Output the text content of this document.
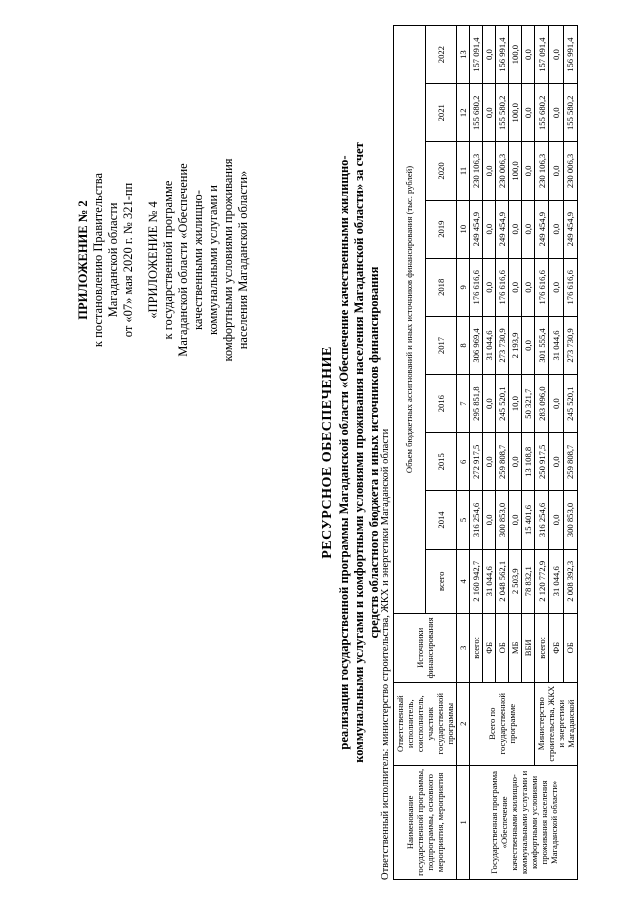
ПРИЛОЖЕНИЕ № 2 к постановлению Правительства Магаданской области от «07» мая 2020 г. № 321-пп «ПРИЛОЖЕНИЕ № 4 к государственной программе Магаданской области «Обеспечение качественными жилищно- коммунальными услугами и комфортными условиями проживания населения Магаданской области»
РЕСУРСНОЕ ОБЕСПЕЧЕНИЕ реализации государственной программы Магаданской области «Обеспечение качественными жилищно- коммунальными услугами и комфортными условиями проживания населения Магаданской области» за счет средств областного бюджета и иных источников финансирования Ответственный исполнитель: министерство строительства, ЖКХ и энергетики Магаданской области Наименование государственной программы, подпрограммы, основного мероприятия, мероприятия	Ответственный исполнитель, соисполнитель, участник государственной программы	Источники финансирования	Объем бюджетных ассигнований и иных источников финансирования (тыс. рублей)									
			всего	2014	2015	2016	2017	2018	2019	2020	2021	2022
1	2	3	4	5	6	7	8	9	10	11	12	13
Государственная программа «Обеспечение качественными жилищно-коммунальными услугами и комфортными условиями проживания населения Магаданской области»	Всего по государственной программе	всего:	2 160 942,7	316 254,6	272 917,5	295 851,8	306 969,4	176 616,6	249 454,9	230 106,3	155 680,2	157 091,4
		ФБ	31 044,6	0,0	0,0	0,0	31 044,6	0,0	0,0	0,0	0,0	0,0
		ОБ	2 048 562,1	300 853,0	259 808,7	245 520,1	273 730,9	176 616,6	249 454,9	230 006,3	155 580,2	156 991,4
		МБ	2 503,9	0,0	0,0	10,0	2 193,9	0,0	0,0	100,0	100,0	100,0
		ВБИ	78 832,1	15 401,6	13 108,8	50 321,7	0,0	0,0	0,0	0,0	0,0	0,0
	Министерство строительства, ЖКХ и энергетики Магаданской	всего:	2 120 772,9	316 254,6	250 917,5	283 096,0	301 555,4	176 616,6	249 454,9	230 106,3	155 680,2	157 091,4
		ФБ	31 044,6	0,0	0,0	0,0	31 044,6	0,0	0,0	0,0	0,0	0,0
		ОБ	2 008 392,3	300 853,0	259 808,7	245 520,1	273 730,9	176 616,6	249 454,9	230 006,3	155 580,2	156 991,4
